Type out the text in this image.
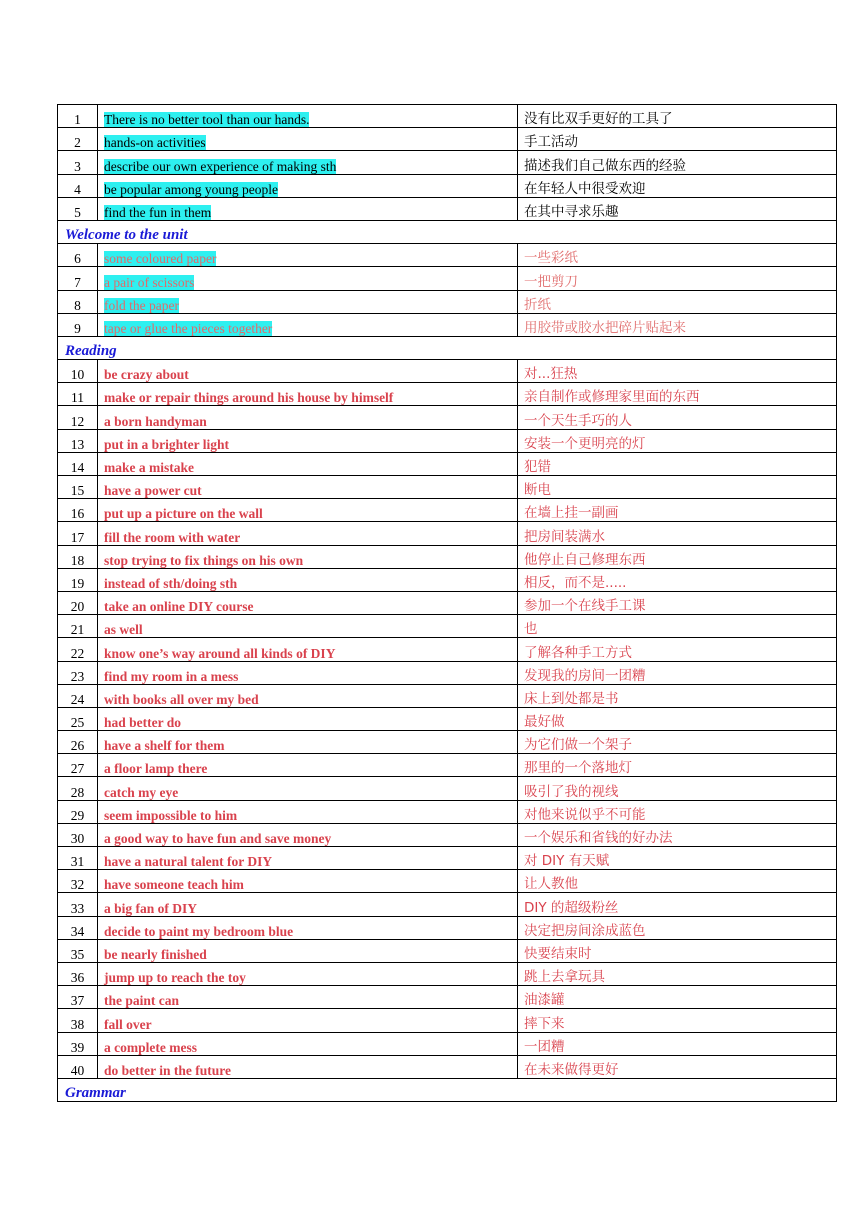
1	There is no better tool than our hands.	没有比双手更好的工具了
2	hands-on activities	手工活动
3	describe our own experience of making sth	描述我们自己做东西的经验
4	be popular among young people	在年轻人中很受欢迎
5	find the fun in them	在其中寻求乐趣
Welcome to the unit		
6	some coloured paper	一些彩纸
7	a pair of scissors	一把剪刀
8	fold the paper	折纸
9	tape or glue the pieces together	用胶带或胶水把碎片贴起来
Reading		
10	be crazy about	对...狂热
11	make or repair things around his house by himself	亲自制作或修理家里面的东西
12	a born handyman	一个天生手巧的人
13	put in a brighter light	安装一个更明亮的灯
14	make a mistake	犯错
15	have a power cut	断电
16	put up a picture on the wall	在墙上挂一副画
17	fill the room with water	把房间装满水
18	stop trying to fix things on his own	他停止自己修理东西
19	instead of sth/doing sth	相反，而不是.....
20	take an online DIY course	参加一个在线手工课
21	as well	也
22	know one’s way around all kinds of DIY	了解各种手工方式
23	find my room in a mess	发现我的房间一团糟
24	with books all over my bed	床上到处都是书
25	had better do	最好做
26	have a shelf for them	为它们做一个架子
27	a floor lamp there	那里的一个落地灯
28	catch my eye	吸引了我的视线
29	seem impossible to him	对他来说似乎不可能
30	a good way to have fun and save money	一个娱乐和省钱的好办法
31	have a natural talent for DIY	对 DIY 有天赋
32	have someone teach him	让人教他
33	a big fan of DIY	DIY 的超级粉丝
34	decide to paint my bedroom blue	决定把房间涂成蓝色
35	be nearly finished	快要结束时
36	jump up to reach the toy	跳上去拿玩具
37	the paint can	油漆罐
38	fall over	摔下来
39	a complete mess	一团糟
40	do better in the future	在未来做得更好
Grammar		
